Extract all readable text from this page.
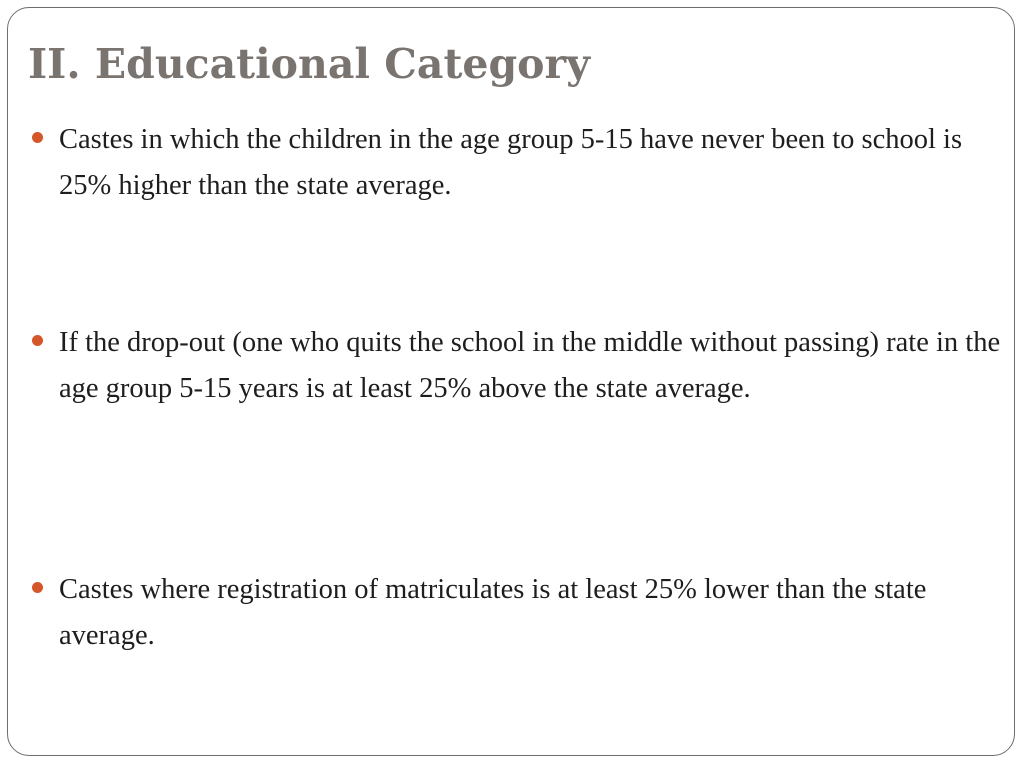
II. Educational Category

Castes in which the children in the age group 5-15 have never been to school is 25% higher than the state average.

If the drop-out (one who quits the school in the middle without passing) rate in the age group 5-15 years is at least 25% above the state average.

Castes where registration of matriculates is at least 25% lower than the state average.
